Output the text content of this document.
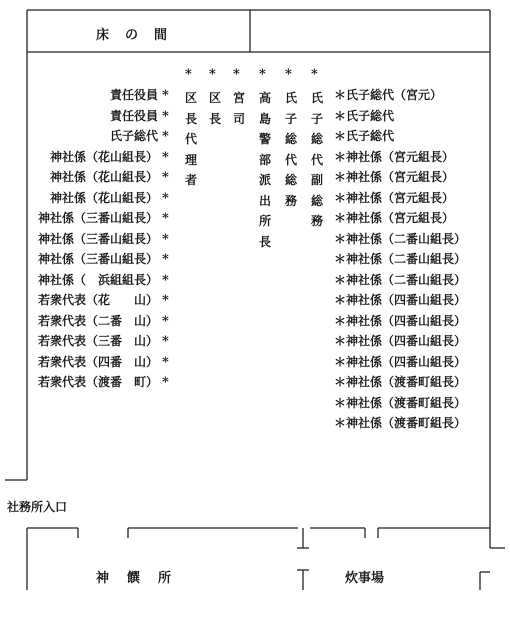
床の間
社務所入口
神饌所	炊事場
責任役員
責任役員
氏子総代
神社係（花山組長）
神社係（花山組長）
神社係（花山組長）
神社係（三番山組長）
神社係（三番山組長）
神社係（三番山組長）
神社係（　浜組組長）
若衆代表（花　　山）
若衆代表（二番　山）
若衆代表（三番　山）
若衆代表（四番　山）
若衆代表（渡番　町）
*
*
*
*
*
*
*
*
*
*
*
*
*
*
*
* * * * * *
区長代理者
区長
宮司
高島警部派出所長
氏子総代総務
氏子総代副総務
＊氏子総代（宮元）
＊氏子総代
＊氏子総代
＊神社係（宮元組長）
＊神社係（宮元組長）
＊神社係（宮元組長）
＊神社係（宮元組長）
＊神社係（二番山組長）
＊神社係（二番山組長）
＊神社係（二番山組長）
＊神社係（四番山組長）
＊神社係（四番山組長）
＊神社係（四番山組長）
＊神社係（四番山組長）
＊神社係（渡番町組長）
＊神社係（渡番町組長）
＊神社係（渡番町組長）
